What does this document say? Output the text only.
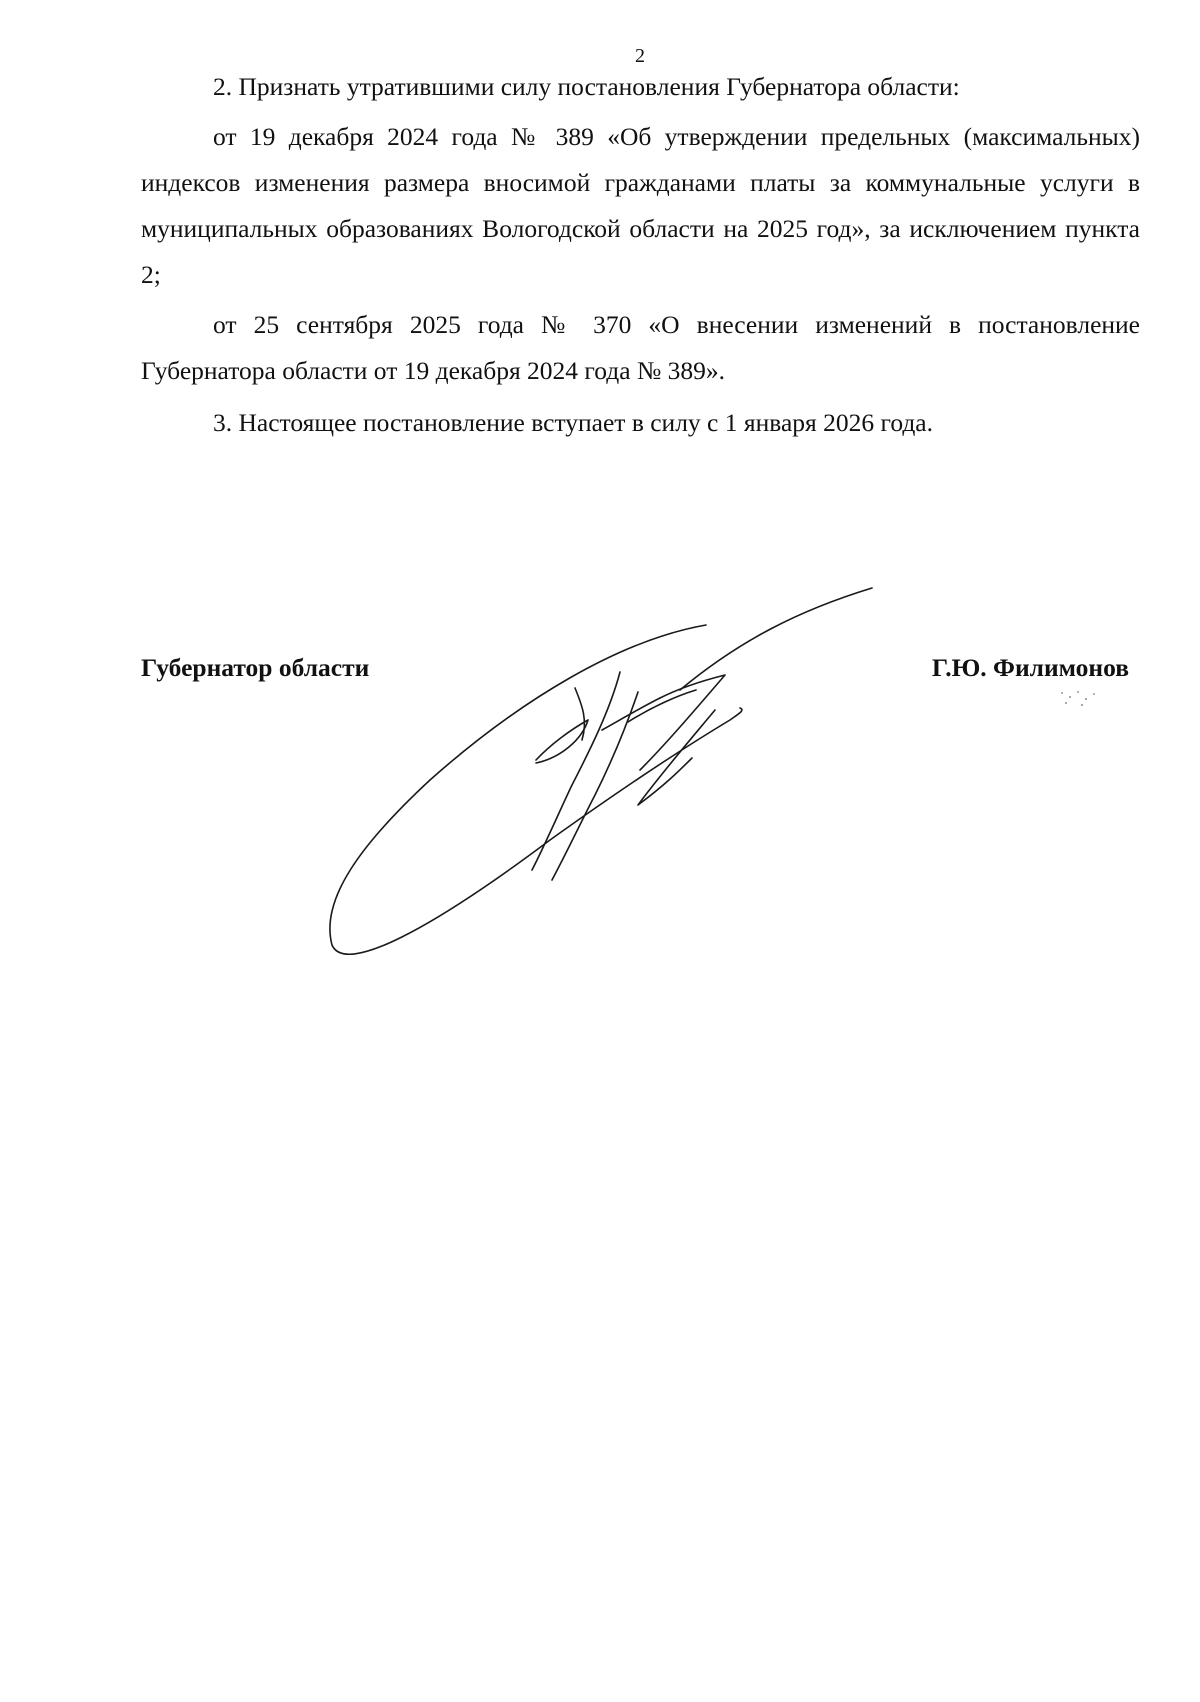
2

2. Признать утратившими силу постановления Губернатора области:

от 19 декабря 2024 года № 389 «Об утверждении предельных (максимальных) индексов изменения размера вносимой гражданами платы за коммунальные услуги в муниципальных образованиях Вологодской области на 2025 год», за исключением пункта 2;

от 25 сентября 2025 года № 370 «О внесении изменений в постановление Губернатора области от 19 декабря 2024 года № 389».

3. Настоящее постановление вступает в силу с 1 января 2026 года.

Губернатор области	Г.Ю. Филимонов
